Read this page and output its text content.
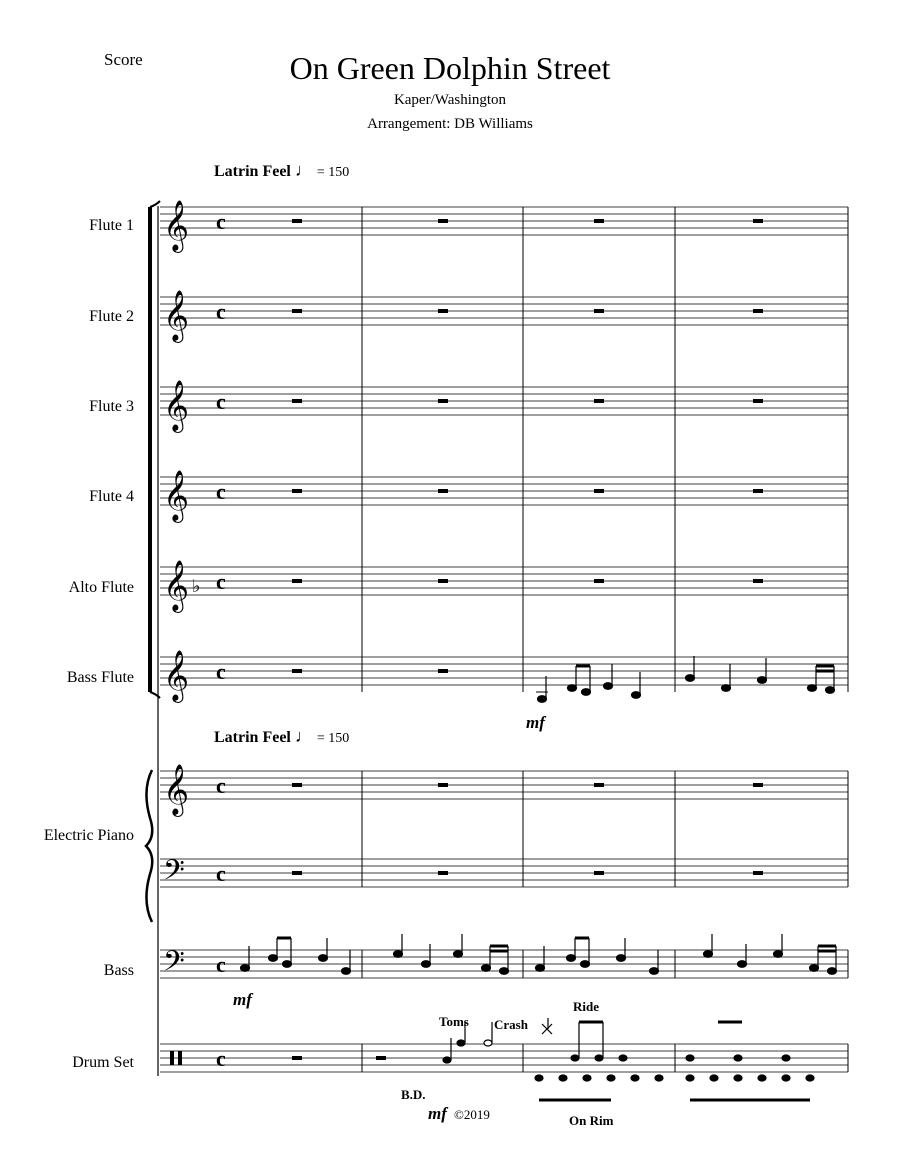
Score	On Green Dolphin Street
Kaper/Washington
Arrangement: DB Williams
Latrin Feel ♩ = 150
Latrin Feel ♩ = 150
Flute 1
Flute 2
Flute 3
Flute 4
Alto Flute
Bass Flute
Electric Piano
Bass
Drum Set
𝄞
𝄞
𝄞
𝄞
𝄞
𝄞
𝄞
𝄢
𝄢
♭
c
c
c
c
c
c
c
c
c
c
mf
mf
mf ©2019
Toms Crash
Ride
B.D.
On Rim
